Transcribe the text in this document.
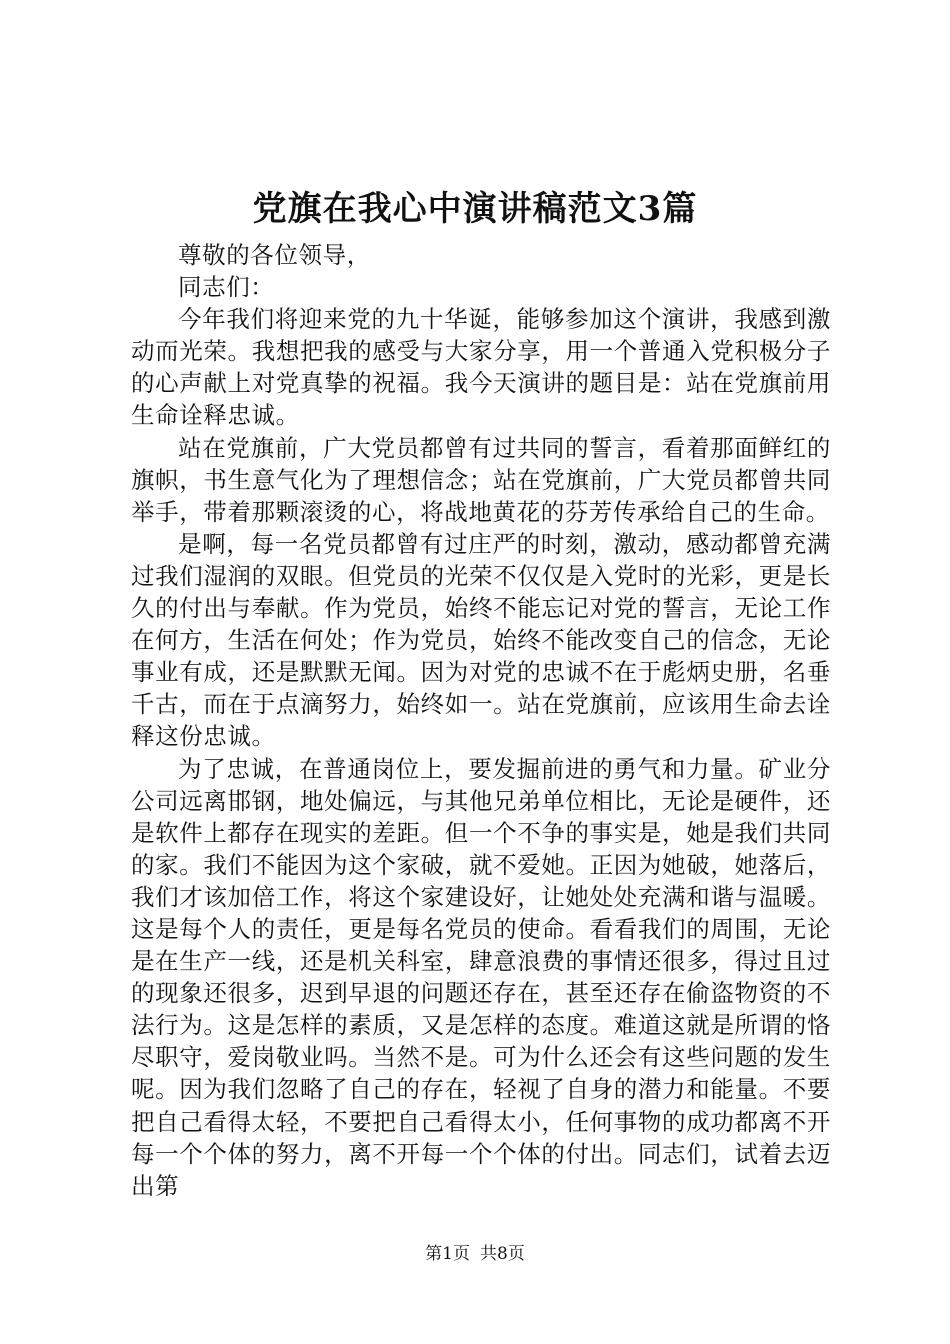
党旗在我心中演讲稿范文3篇

尊敬的各位领导，

同志们：

今年我们将迎来党的九十华诞，能够参加这个演讲，我感到激动而光荣。我想把我的感受与大家分享，用一个普通入党积极分子的心声献上对党真挚的祝福。我今天演讲的题目是：站在党旗前用生命诠释忠诚。

站在党旗前，广大党员都曾有过共同的誓言，看着那面鲜红的旗帜，书生意气化为了理想信念；站在党旗前，广大党员都曾共同举手，带着那颗滚烫的心，将战地黄花的芬芳传承给自己的生命。

是啊，每一名党员都曾有过庄严的时刻，激动，感动都曾充满过我们湿润的双眼。但党员的光荣不仅仅是入党时的光彩，更是长久的付出与奉献。作为党员，始终不能忘记对党的誓言，无论工作在何方，生活在何处；作为党员，始终不能改变自己的信念，无论事业有成，还是默默无闻。因为对党的忠诚不在于彪炳史册，名垂千古，而在于点滴努力，始终如一。站在党旗前，应该用生命去诠释这份忠诚。

为了忠诚，在普通岗位上，要发掘前进的勇气和力量。矿业分公司远离邯钢，地处偏远，与其他兄弟单位相比，无论是硬件，还是软件上都存在现实的差距。但一个不争的事实是，她是我们共同的家。我们不能因为这个家破，就不爱她。正因为她破，她落后，我们才该加倍工作，将这个家建设好，让她处处充满和谐与温暖。这是每个人的责任，更是每名党员的使命。看看我们的周围，无论是在生产一线，还是机关科室，肆意浪费的事情还很多，得过且过的现象还很多，迟到早退的问题还存在，甚至还存在偷盗物资的不法行为。这是怎样的素质，又是怎样的态度。难道这就是所谓的恪尽职守，爱岗敬业吗。当然不是。可为什么还会有这些问题的发生呢。因为我们忽略了自己的存在，轻视了自身的潜力和能量。不要把自己看得太轻，不要把自己看得太小，任何事物的成功都离不开每一个个体的努力，离不开每一个个体的付出。同志们，试着去迈出第

第1页 共8页
